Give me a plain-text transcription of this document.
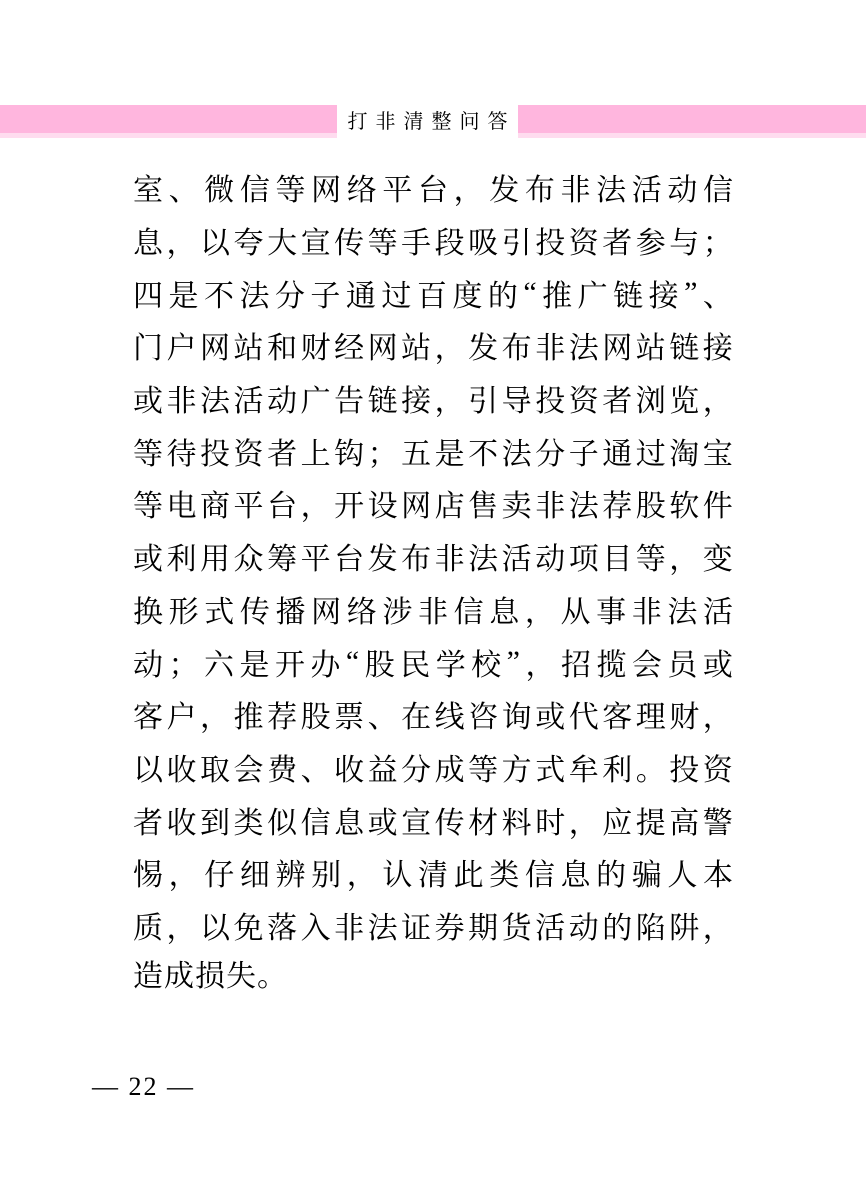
打非清整问答
室 、 微 信 等 网 络 平 台 ， 发 布 非 法 活 动 信
息 ， 以 夸 大 宣 传 等 手 段 吸 引 投 资 者 参 与 ；
四 是 不 法 分 子 通 过 百 度 的 “ 推 广 链 接 ” 、
门 户 网 站 和 财 经 网 站 ， 发 布 非 法 网 站 链 接
或 非 法 活 动 广 告 链 接 ， 引 导 投 资 者 浏 览 ，
等 待 投 资 者 上 钩 ； 五 是 不 法 分 子 通 过 淘 宝
等 电 商 平 台 ， 开 设 网 店 售 卖 非 法 荐 股 软 件
或 利 用 众 筹 平 台 发 布 非 法 活 动 项 目 等 ， 变
换 形 式 传 播 网 络 涉 非 信 息 ， 从 事 非 法 活
动 ； 六 是 开 办 “ 股 民 学 校 ” ， 招 揽 会 员 或
客 户 ， 推 荐 股 票 、 在 线 咨 询 或 代 客 理 财 ，
以 收 取 会 费 、 收 益 分 成 等 方 式 牟 利 。 投 资
者 收 到 类 似 信 息 或 宣 传 材 料 时 ， 应 提 高 警
惕 ， 仔 细 辨 别 ， 认 清 此 类 信 息 的 骗 人 本
质 ， 以 免 落 入 非 法 证 券 期 货 活 动 的 陷 阱 ，
造成损失。
— 22 —
